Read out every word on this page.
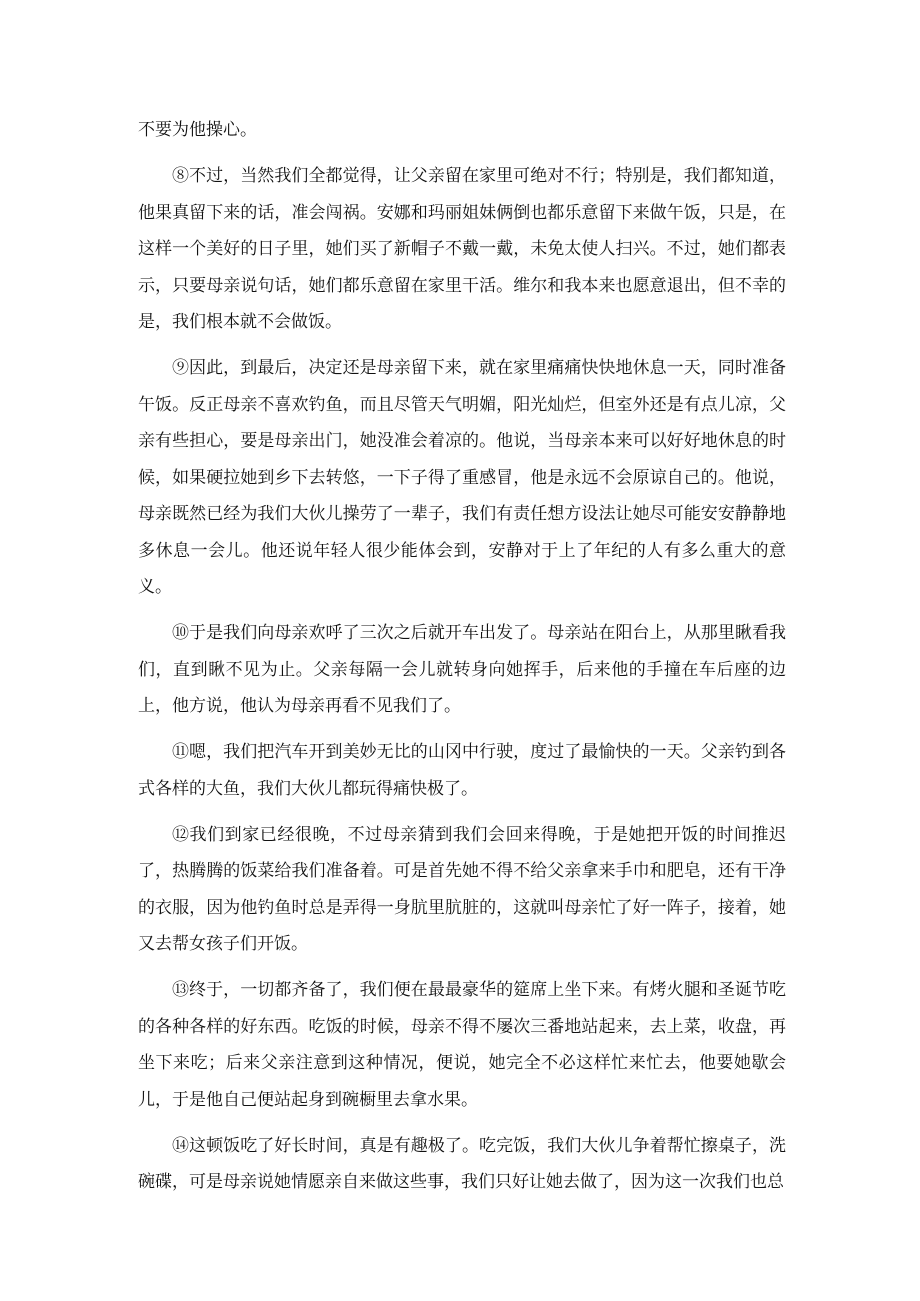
不要为他操心。

⑧不过，当然我们全都觉得，让父亲留在家里可绝对不行；特别是，我们都知道，他果真留下来的话，准会闯祸。安娜和玛丽姐妹俩倒也都乐意留下来做午饭，只是，在这样一个美好的日子里，她们买了新帽子不戴一戴，未免太使人扫兴。不过，她们都表示，只要母亲说句话，她们都乐意留在家里干活。维尔和我本来也愿意退出，但不幸的是，我们根本就不会做饭。

⑨因此，到最后，决定还是母亲留下来，就在家里痛痛快快地休息一天，同时准备午饭。反正母亲不喜欢钓鱼，而且尽管天气明媚，阳光灿烂，但室外还是有点儿凉，父亲有些担心，要是母亲出门，她没准会着凉的。他说，当母亲本来可以好好地休息的时候，如果硬拉她到乡下去转悠，一下子得了重感冒，他是永远不会原谅自己的。他说，母亲既然已经为我们大伙儿操劳了一辈子，我们有责任想方设法让她尽可能安安静静地多休息一会儿。他还说年轻人很少能体会到，安静对于上了年纪的人有多么重大的意义。

⑩于是我们向母亲欢呼了三次之后就开车出发了。母亲站在阳台上，从那里瞅看我们，直到瞅不见为止。父亲每隔一会儿就转身向她挥手，后来他的手撞在车后座的边上，他方说，他认为母亲再看不见我们了。

⑪嗯，我们把汽车开到美妙无比的山冈中行驶，度过了最愉快的一天。父亲钓到各式各样的大鱼，我们大伙儿都玩得痛快极了。

⑫我们到家已经很晚，不过母亲猜到我们会回来得晚，于是她把开饭的时间推迟了，热腾腾的饭菜给我们准备着。可是首先她不得不给父亲拿来手巾和肥皂，还有干净的衣服，因为他钓鱼时总是弄得一身肮里肮脏的，这就叫母亲忙了好一阵子，接着，她又去帮女孩子们开饭。

⑬终于，一切都齐备了，我们便在最最豪华的筵席上坐下来。有烤火腿和圣诞节吃的各种各样的好东西。吃饭的时候，母亲不得不屡次三番地站起来，去上菜，收盘，再坐下来吃；后来父亲注意到这种情况，便说，她完全不必这样忙来忙去，他要她歇会儿，于是他自己便站起身到碗橱里去拿水果。

⑭这顿饭吃了好长时间，真是有趣极了。吃完饭，我们大伙儿争着帮忙擦桌子，洗碗碟，可是母亲说她情愿亲自来做这些事，我们只好让她去做了，因为这一次我们也总
